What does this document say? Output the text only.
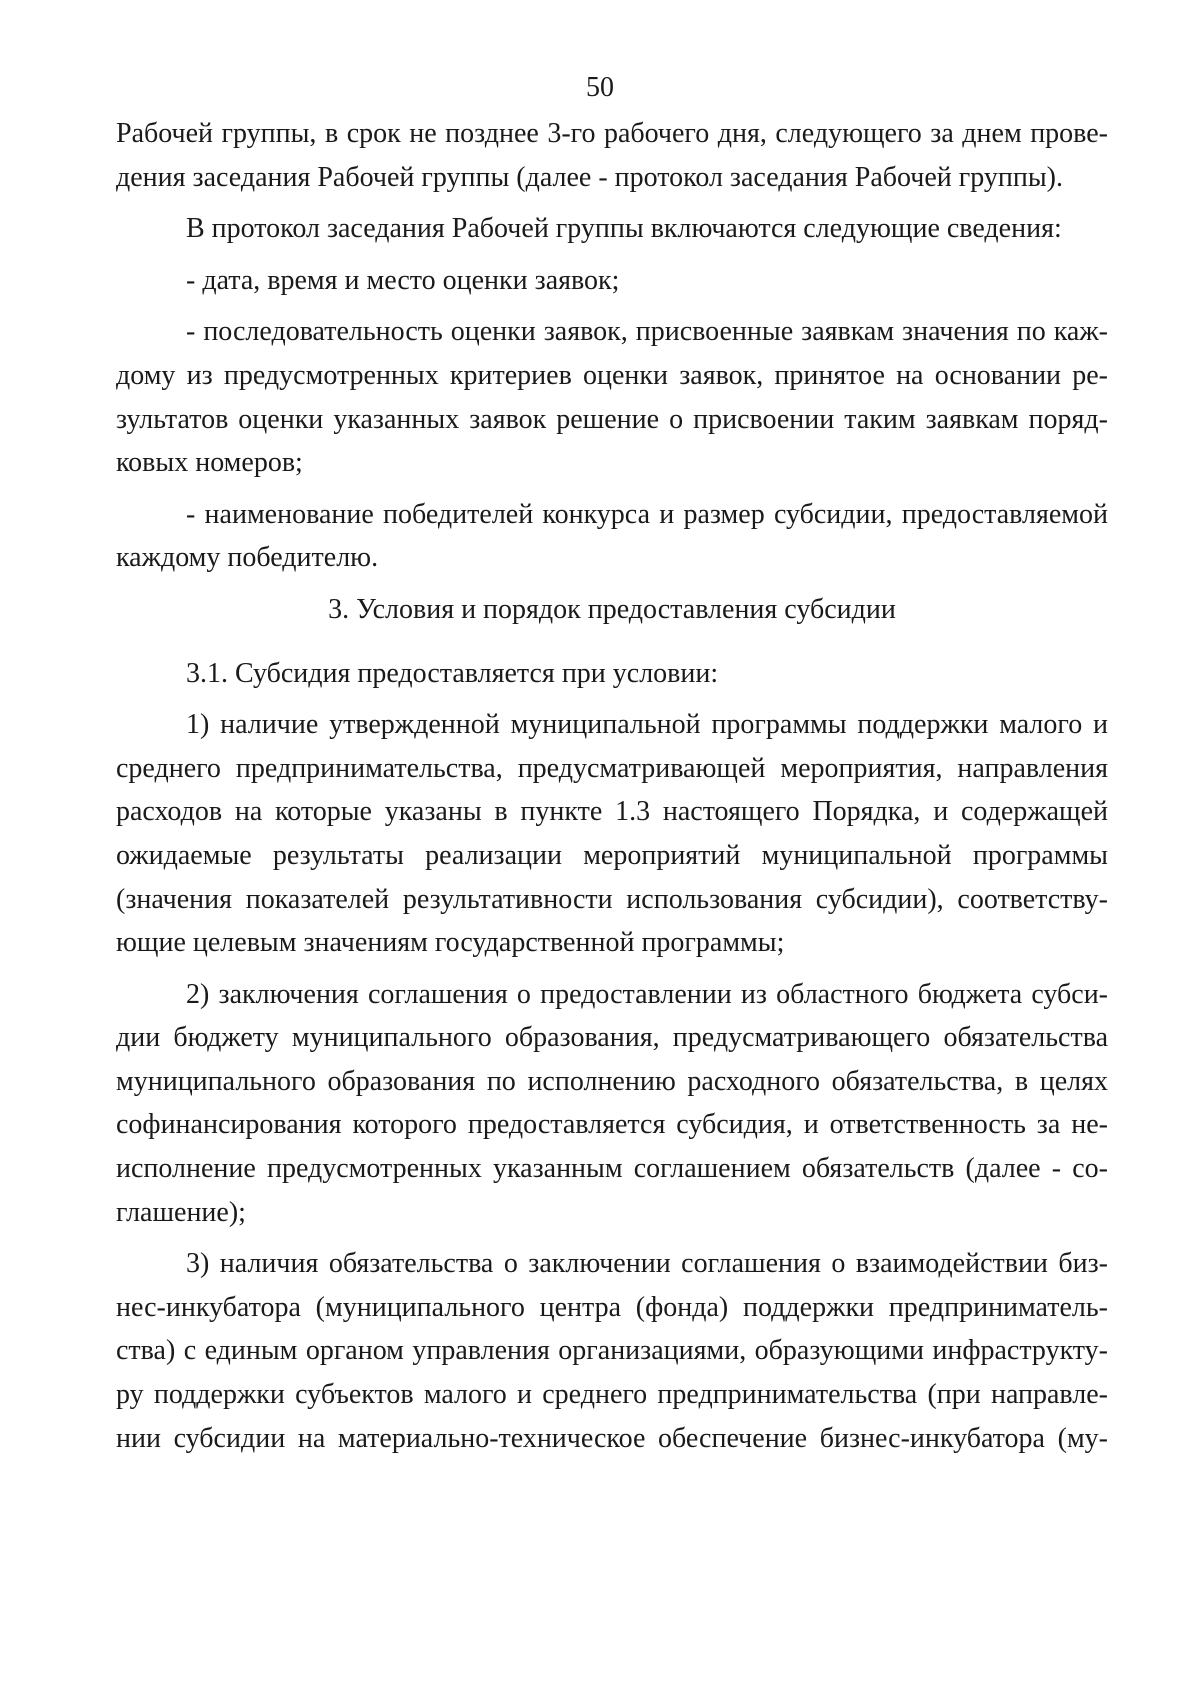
50
Рабочей группы, в срок не позднее 3-го рабочего дня, следующего за днем прове-
дения заседания Рабочей группы (далее - протокол заседания Рабочей группы).
В протокол заседания Рабочей группы включаются следующие сведения:
- дата, время и место оценки заявок;
- последовательность оценки заявок, присвоенные заявкам значения по каж-
дому из предусмотренных критериев оценки заявок, принятое на основании ре-
зультатов оценки указанных заявок решение о присвоении таким заявкам поряд-
ковых номеров;
- наименование победителей конкурса и размер субсидии, предоставляемой
каждому победителю.
3. Условия и порядок предоставления субсидии
3.1. Субсидия предоставляется при условии:
1) наличие утвержденной муниципальной программы поддержки малого и
среднего предпринимательства, предусматривающей мероприятия, направления
расходов на которые указаны в пункте 1.3 настоящего Порядка, и содержащей
ожидаемые результаты реализации мероприятий муниципальной программы
(значения показателей результативности использования субсидии), соответству-
ющие целевым значениям государственной программы;
2) заключения соглашения о предоставлении из областного бюджета субси-
дии бюджету муниципального образования, предусматривающего обязательства
муниципального образования по исполнению расходного обязательства, в целях
софинансирования которого предоставляется субсидия, и ответственность за не-
исполнение предусмотренных указанным соглашением обязательств (далее - со-
глашение);
3) наличия обязательства о заключении соглашения о взаимодействии биз-
нес-инкубатора (муниципального центра (фонда) поддержки предприниматель-
ства) с единым органом управления организациями, образующими инфраструкту-
ру поддержки субъектов малого и среднего предпринимательства (при направле-
нии субсидии на материально-техническое обеспечение бизнес-инкубатора (му-
